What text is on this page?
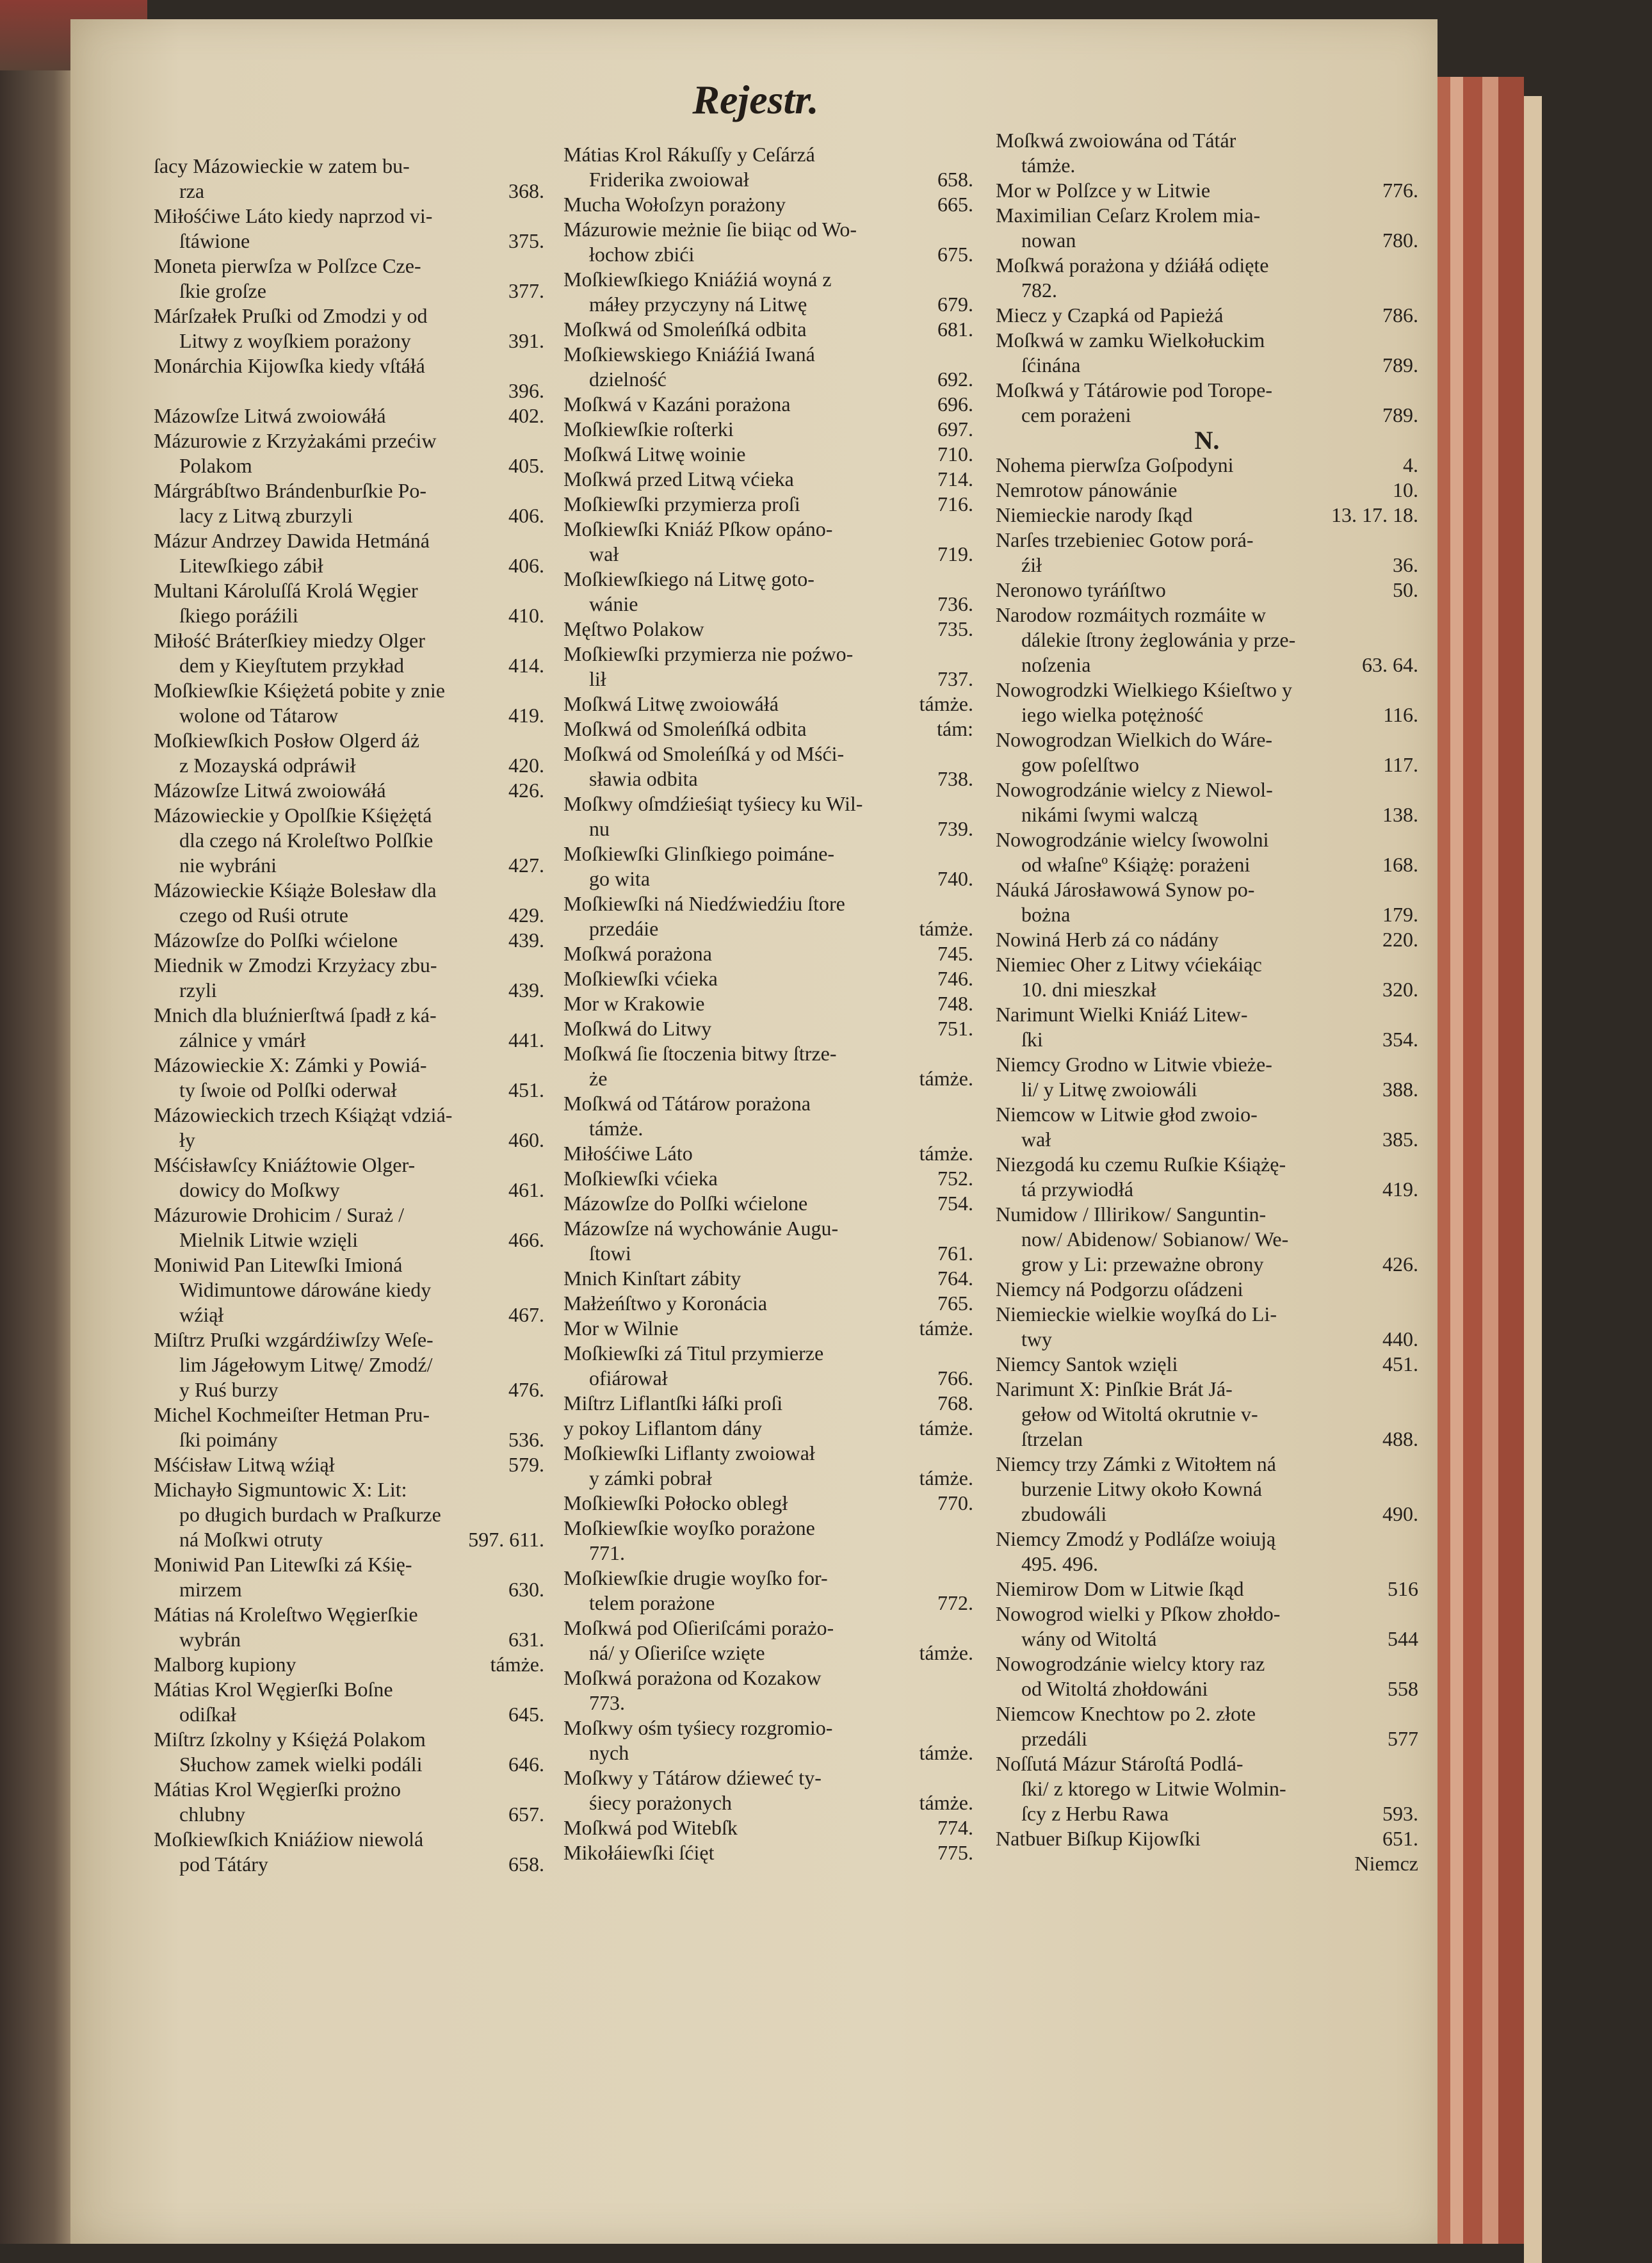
Rejestr.
ſacy Mázowieckie w zatem bu-
rza	368.
Miłośćiwe Láto kiedy naprzod vi-
ſtáwione	375.
Moneta pierwſza w Polſzce Cze-
ſkie groſze	377.
Márſzałek Pruſki od Zmodzi y od
Litwy z woyſkiem porażony	391.
Monárchia Kijowſka kiedy vſtáłá
396.
Mázowſze Litwá zwoiowáłá	402.
Mázurowie z Krzyżakámi przećiw
Polakom	405.
Márgrábſtwo Brándenburſkie Po-
lacy z Litwą zburzyli	406.
Mázur Andrzey Dawida Hetmáná
Litewſkiego zábił	406.
Multani Károluſſá Krolá Węgier
ſkiego poráźili	410.
Miłość Bráterſkiey miedzy Olger
dem y Kieyſtutem przykład	414.
Moſkiewſkie Kśiężetá pobite y znie
wolone od Tátarow	419.
Moſkiewſkich Posłow Olgerd áż
z Mozayská odpráwił	420.
Mázowſze Litwá zwoiowáłá	426.
Mázowieckie y Opolſkie Kśiężętá
dla czego ná Kroleſtwo Polſkie
nie wybráni	427.
Mázowieckie Kśiąże Bolesław dla
czego od Ruśi otrute	429.
Mázowſze do Polſki wćielone	439.
Miednik w Zmodzi Krzyżacy zbu-
rzyli	439.
Mnich dla bluźnierſtwá ſpadł z ká-
zálnice y vmárł	441.
Mázowieckie X: Zámki y Powiá-
ty ſwoie od Polſki oderwał	451.
Mázowieckich trzech Kśiążąt vdziá-
ły	460.
Mśćisławſcy Kniáźtowie Olger-
dowicy do Moſkwy	461.
Mázurowie Drohicim / Suraż /
Mielnik Litwie wzięli	466.
Moniwid Pan Litewſki Imioná
Widimuntowe dárowáne kiedy
wźiął	467.
Miſtrz Pruſki wzgárdźiwſzy Weſe-
lim Jágełowym Litwę/ Zmodź/
y Ruś burzy	476.
Michel Kochmeiſter Hetman Pru-
ſki poimány	536.
Mśćisław Litwą wźiął	579.
Michayło Sigmuntowic X: Lit:
po długich burdach w Praſkurze
ná Moſkwi otruty	597. 611.
Moniwid Pan Litewſki zá Kśię-
mirzem	630.
Mátias ná Kroleſtwo Węgierſkie
wybrán	631.
Malborg kupiony	támże.
Mátias Krol Węgierſki Boſne
odiſkał	645.
Miſtrz ſzkolny y Kśiężá Polakom
Słuchow zamek wielki podáli	646.
Mátias Krol Węgierſki prożno
chlubny	657.
Moſkiewſkich Kniáźiow niewolá
pod Tátáry	658.
Mátias Krol Rákuſſy y Ceſárzá
Friderika zwoiował	658.
Mucha Wołoſzyn porażony	665.
Mázurowie meżnie ſie biiąc od Wo-
łochow zbići	675.
Moſkiewſkiego Kniáźiá woyná z
máłey przyczyny ná Litwę	679.
Moſkwá od Smoleńſká odbita	681.
Moſkiewskiego Kniáźiá Iwaná
dzielność	692.
Moſkwá v Kazáni porażona	696.
Moſkiewſkie roſterki	697.
Moſkwá Litwę woinie	710.
Moſkwá przed Litwą vćieka	714.
Moſkiewſki przymierza proſi	716.
Moſkiewſki Kniáź Pſkow opáno-
wał	719.
Moſkiewſkiego ná Litwę goto-
wánie	736.
Męſtwo Polakow	735.
Moſkiewſki przymierza nie poźwo-
lił	737.
Moſkwá Litwę zwoiowáłá	támże.
Moſkwá od Smoleńſká odbita	tám:
Moſkwá od Smoleńſká y od Mśći-
sławia odbita	738.
Moſkwy oſmdźieśiąt tyśiecy ku Wil-
nu	739.
Moſkiewſki Glinſkiego poimáne-
go wita	740.
Moſkiewſki ná Niedźwiedźiu ſtore
przedáie	támże.
Moſkwá porażona	745.
Moſkiewſki vćieka	746.
Mor w Krakowie	748.
Moſkwá do Litwy	751.
Moſkwá ſie ſtoczenia bitwy ſtrze-
że	támże.
Moſkwá od Tátárow porażona
támże.
Miłośćiwe Láto	támże.
Moſkiewſki vćieka	752.
Mázowſze do Polſki wćielone	754.
Mázowſze ná wychowánie Augu-
ſtowi	761.
Mnich Kinſtart zábity	764.
Małżeńſtwo y Koronácia	765.
Mor w Wilnie	támże.
Moſkiewſki zá Titul przymierze
ofiárował	766.
Miſtrz Liflantſki łáſki proſi	768.
y pokoy Liflantom dány	támże.
Moſkiewſki Liflanty zwoiował
y zámki pobrał	támże.
Moſkiewſki Połocko obległ	770.
Moſkiewſkie woyſko porażone
771.
Moſkiewſkie drugie woyſko for-
telem porażone	772.
Moſkwá pod Oſieriſcámi porażo-
ná/ y Oſieriſce wzięte	támże.
Moſkwá porażona od Kozakow
773.
Moſkwy ośm tyśiecy rozgromio-
nych	támże.
Moſkwy y Tátárow dźieweć ty-
śiecy porażonych	támże.
Moſkwá pod Witebſk	774.
Mikołáiewſki ſćięt	775.
Moſkwá zwoiowána od Tátár
támże.
Mor w Polſzce y w Litwie	776.
Maximilian Ceſarz Krolem mia-
nowan	780.
Moſkwá porażona y dźiáłá odięte
782.
Miecz y Czapká od Papieżá	786.
Moſkwá w zamku Wielkołuckim
ſćinána	789.
Moſkwá y Tátárowie pod Torope-
cem porażeni	789.
N.
Nohema pierwſza Goſpodyni	4.
Nemrotow pánowánie	10.
Niemieckie narody ſkąd	13. 17. 18.
Narſes trzebieniec Gotow porá-
źił	36.
Neronowo tyráńſtwo	50.
Narodow rozmáitych rozmáite w
dálekie ſtrony żeglowánia y prze-
noſzenia	63. 64.
Nowogrodzki Wielkiego Kśieſtwo y
iego wielka potężność	116.
Nowogrodzan Wielkich do Wáre-
gow poſelſtwo	117.
Nowogrodzánie wielcy z Niewol-
nikámi ſwymi walczą	138.
Nowogrodzánie wielcy ſwowolni
od właſneº Kśiążę: porażeni	168.
Náuká Járosławowá Synow po-
bożna	179.
Nowiná Herb zá co nádány	220.
Niemiec Oher z Litwy vćiekáiąc
10. dni mieszkał	320.
Narimunt Wielki Kniáź Litew-
ſki	354.
Niemcy Grodno w Litwie vbieże-
li/ y Litwę zwoiowáli	388.
Niemcow w Litwie głod zwoio-
wał	385.
Niezgodá ku czemu Ruſkie Kśiążę-
tá przywiodłá	419.
Numidow / Illirikow/ Sanguntin-
now/ Abidenow/ Sobianow/ We-
grow y Li: przeważne obrony	426.
Niemcy ná Podgorzu oſádzeni
Niemieckie wielkie woyſká do Li-
twy	440.
Niemcy Santok wzięli	451.
Narimunt X: Pinſkie Brát Já-
gełow od Witoltá okrutnie v-
ſtrzelan	488.
Niemcy trzy Zámki z Witołtem ná
burzenie Litwy około Kowná
zbudowáli	490.
Niemcy Zmodź y Podláſze woiują
495. 496.
Niemirow Dom w Litwie ſkąd	516
Nowogrod wielki y Pſkow zhołdo-
wány od Witoltá	544
Nowogrodzánie wielcy ktory raz
od Witoltá zhołdowáni	558
Niemcow Knechtow po 2. złote
przedáli	577
Noſſutá Mázur Stároſtá Podlá-
ſki/ z ktorego w Litwie Wolmin-
ſcy z Herbu Rawa	593.
Natbuer Biſkup Kijowſki	651.
Niemcz
